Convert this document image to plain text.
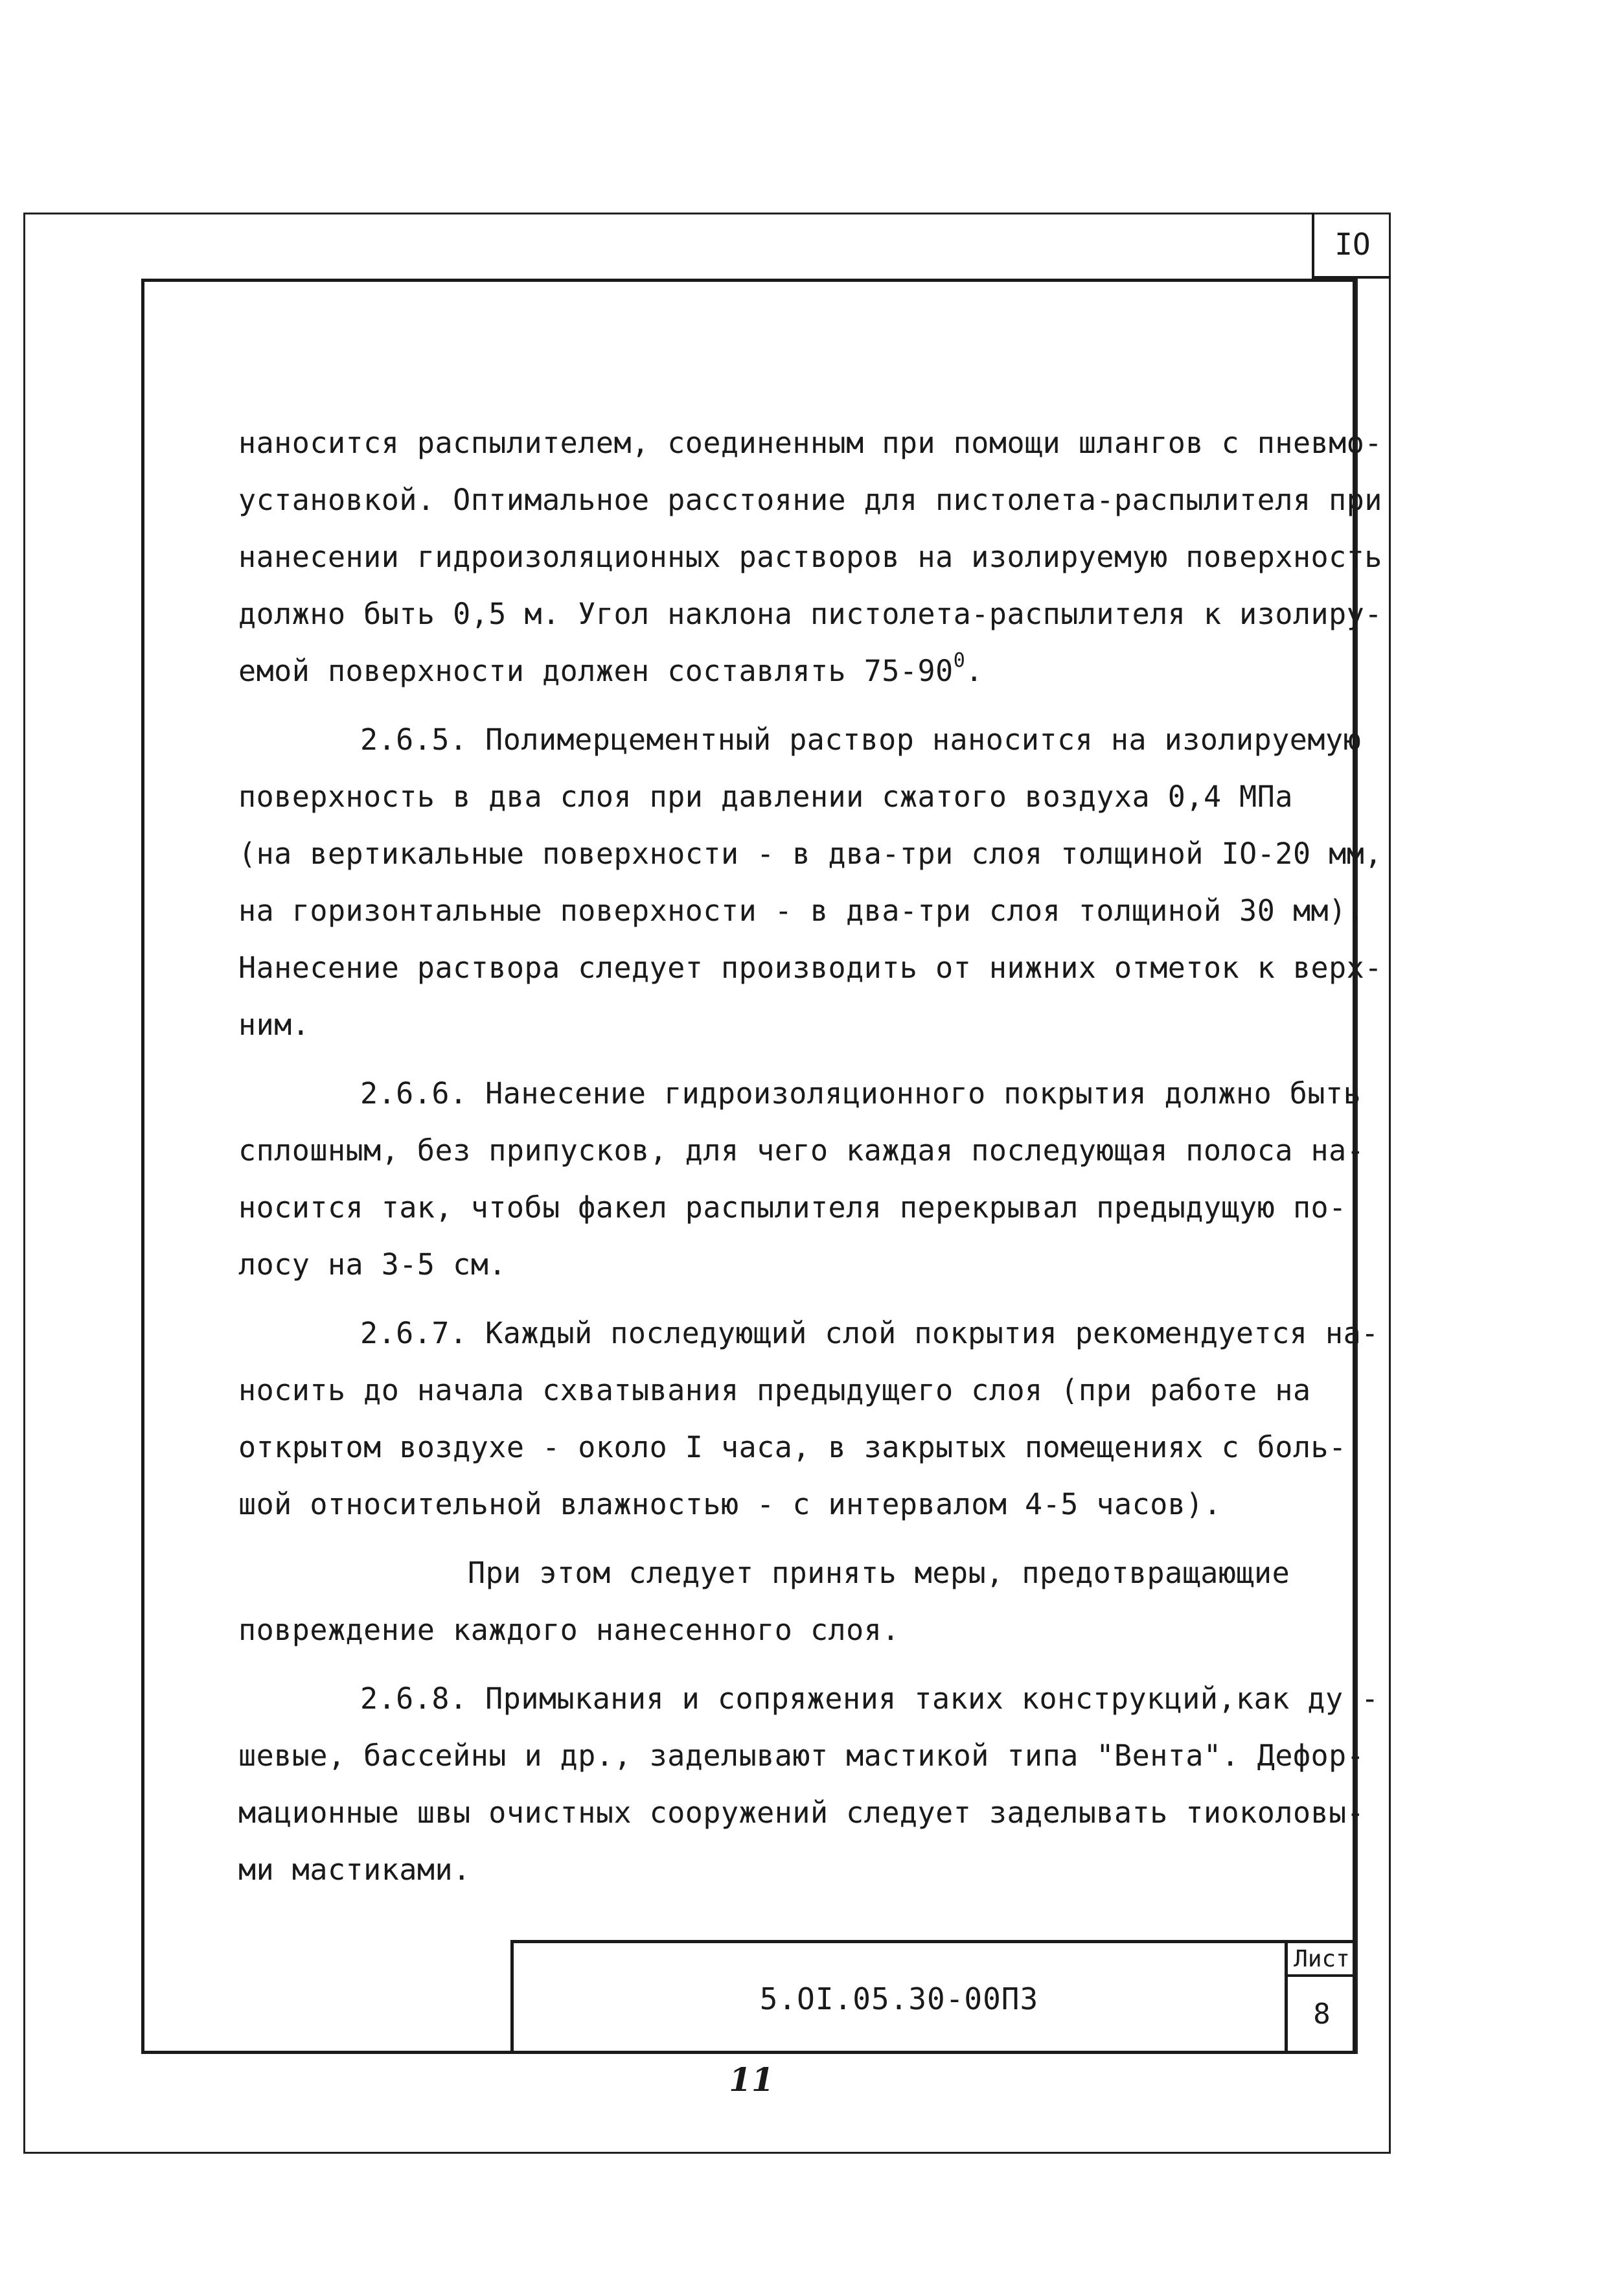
IO
наносится распылителем, соединенным при помощи шлангов с пневмо-
установкой. Оптимальное расстояние для пистолета-распылителя при
нанесении гидроизоляционных растворов на изолируемую поверхность
должно быть 0,5 м. Угол наклона пистолета-распылителя к изолиру-
емой поверхности должен составлять $75-90^0$.
2.6.5. Полимерцементный раствор наносится на изолируемую
поверхность в два слоя при давлении сжатого воздуха 0,4 МПа
(на вертикальные поверхности - в два-три слоя толщиной IO-20 мм,
на горизонтальные поверхности - в два-три слоя толщиной 30 мм).
Нанесение раствора следует производить от нижних отметок к верх-
ним.
2.6.6. Нанесение гидроизоляционного покрытия должно быть
сплошным, без припусков, для чего каждая последующая полоса на-
носится так, чтобы факел распылителя перекрывал предыдущую по-
лосу на 3-5 см.
2.6.7. Каждый последующий слой покрытия рекомендуется на-
носить до начала схватывания предыдущего слоя (при работе на
открытом воздухе - около I часа, в закрытых помещениях с боль-
шой относительной влажностью - с интервалом 4-5 часов).
При этом следует принять меры, предотвращающие
повреждение каждого нанесенного слоя.
2.6.8. Примыкания и сопряжения таких конструкций,как ду -
шевые, бассейны и др., заделывают мастикой типа "Вента". Дефор-
мационные швы очистных сооружений следует заделывать тиоколовы-
ми мастиками.
5.OI.05.30-00ПЗ
Лист
8
11
